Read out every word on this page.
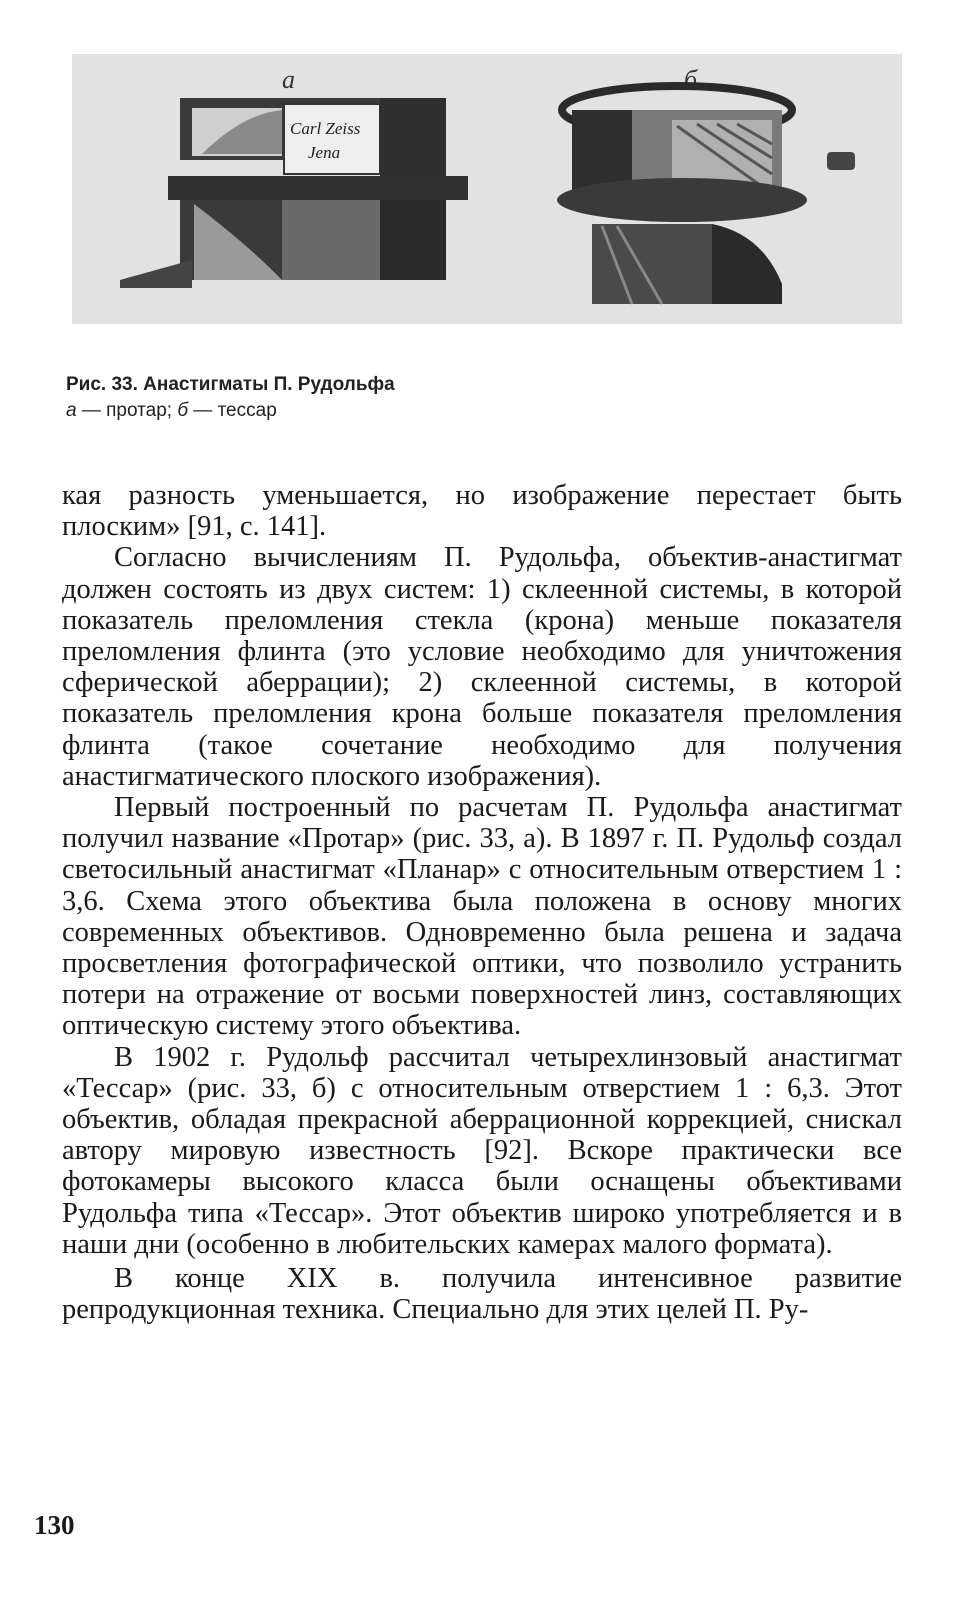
a	б
Carl Zeiss
Jena
Рис. 33. Анастигматы П. Рудольфа
а — протар; б — тессар

кая разность уменьшается, но изображение перестает быть плоским» [91, с. 141].

Согласно вычислениям П. Рудольфа, объектив-анастигмат должен состоять из двух систем: 1) склеенной системы, в которой показатель преломления стекла (крона) меньше показателя преломления флинта (это условие необходимо для уничтожения сферической аберрации); 2) склеенной системы, в которой показатель преломления крона больше показателя преломления флинта (такое сочетание необходимо для получения анастигматического плоского изображения).

Первый построенный по расчетам П. Рудольфа анастигмат получил название «Протар» (рис. 33, а). В 1897 г. П. Рудольф создал светосильный анастигмат «Планар» с относительным отверстием 1 : 3,6. Схема этого объектива была положена в основу многих современных объективов. Одновременно была решена и задача просветления фотографической оптики, что позволило устранить потери на отражение от восьми поверхностей линз, составляющих оптическую систему этого объектива.

В 1902 г. Рудольф рассчитал четырехлинзовый анастигмат «Тессар» (рис. 33, б) с относительным отверстием 1 : 6,3. Этот объектив, обладая прекрасной аберрационной коррекцией, снискал автору мировую известность [92]. Вскоре практически все фотокамеры высокого класса были оснащены объективами Рудольфа типа «Тессар». Этот объектив широко употребляется и в наши дни (особенно в любительских камерах малого формата).

В конце XIX в. получила интенсивное развитие репродукционная техника. Специально для этих целей П. Ру-

130
